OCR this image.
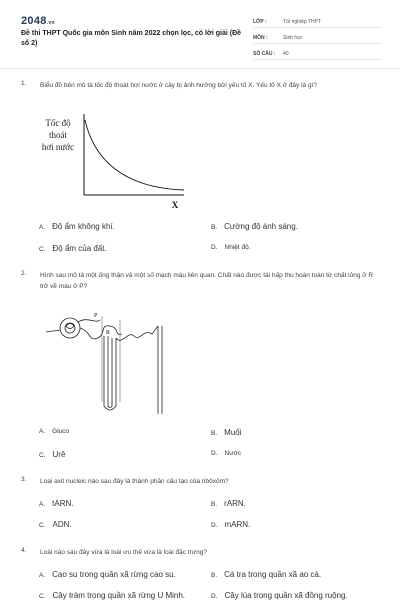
2048.vn
Đề thi THPT Quốc gia môn Sinh năm 2022 chọn lọc, có lời giải (Đề số 2)
LỚP :	Tốt nghiệp THPT
MÔN :	Sinh học
SỐ CÂU :	40
1. Biểu đồ bên mô tả tốc độ thoát hơi nước ở cây bị ảnh hưởng bởi yếu tố X. Yếu tố X ở đây là gì?
Tốc độ
thoát
hơi nước
X
A. Độ ẩm không khí.	B. Cường độ ánh sáng.
C. Độ ẩm của đất.	D. Nhiệt độ.
2. Hình sau mô tả một ống thận và một số mạch máu liên quan. Chất nào được tái hấp thu hoàn toàn từ chất lỏng ở R trở về máu ở P?
P
R
A. Gluco	B. Muối
C. Urê	D. Nước
3. Loại axit nucleic nào sau đây là thành phần cấu tạo của ribôxôm?
A. tARN.	B. rARN.
C. ADN.	D. mARN.
4. Loài nào sau đây vừa là loài ưu thế vừa là loài đặc trưng?
A. Cao su trong quần xã rừng cao su.	B. Cá tra trong quần xã ao cá.
C. Cây tràm trong quần xã rừng U Minh.	D. Cây lúa trong quần xã đồng ruộng.
